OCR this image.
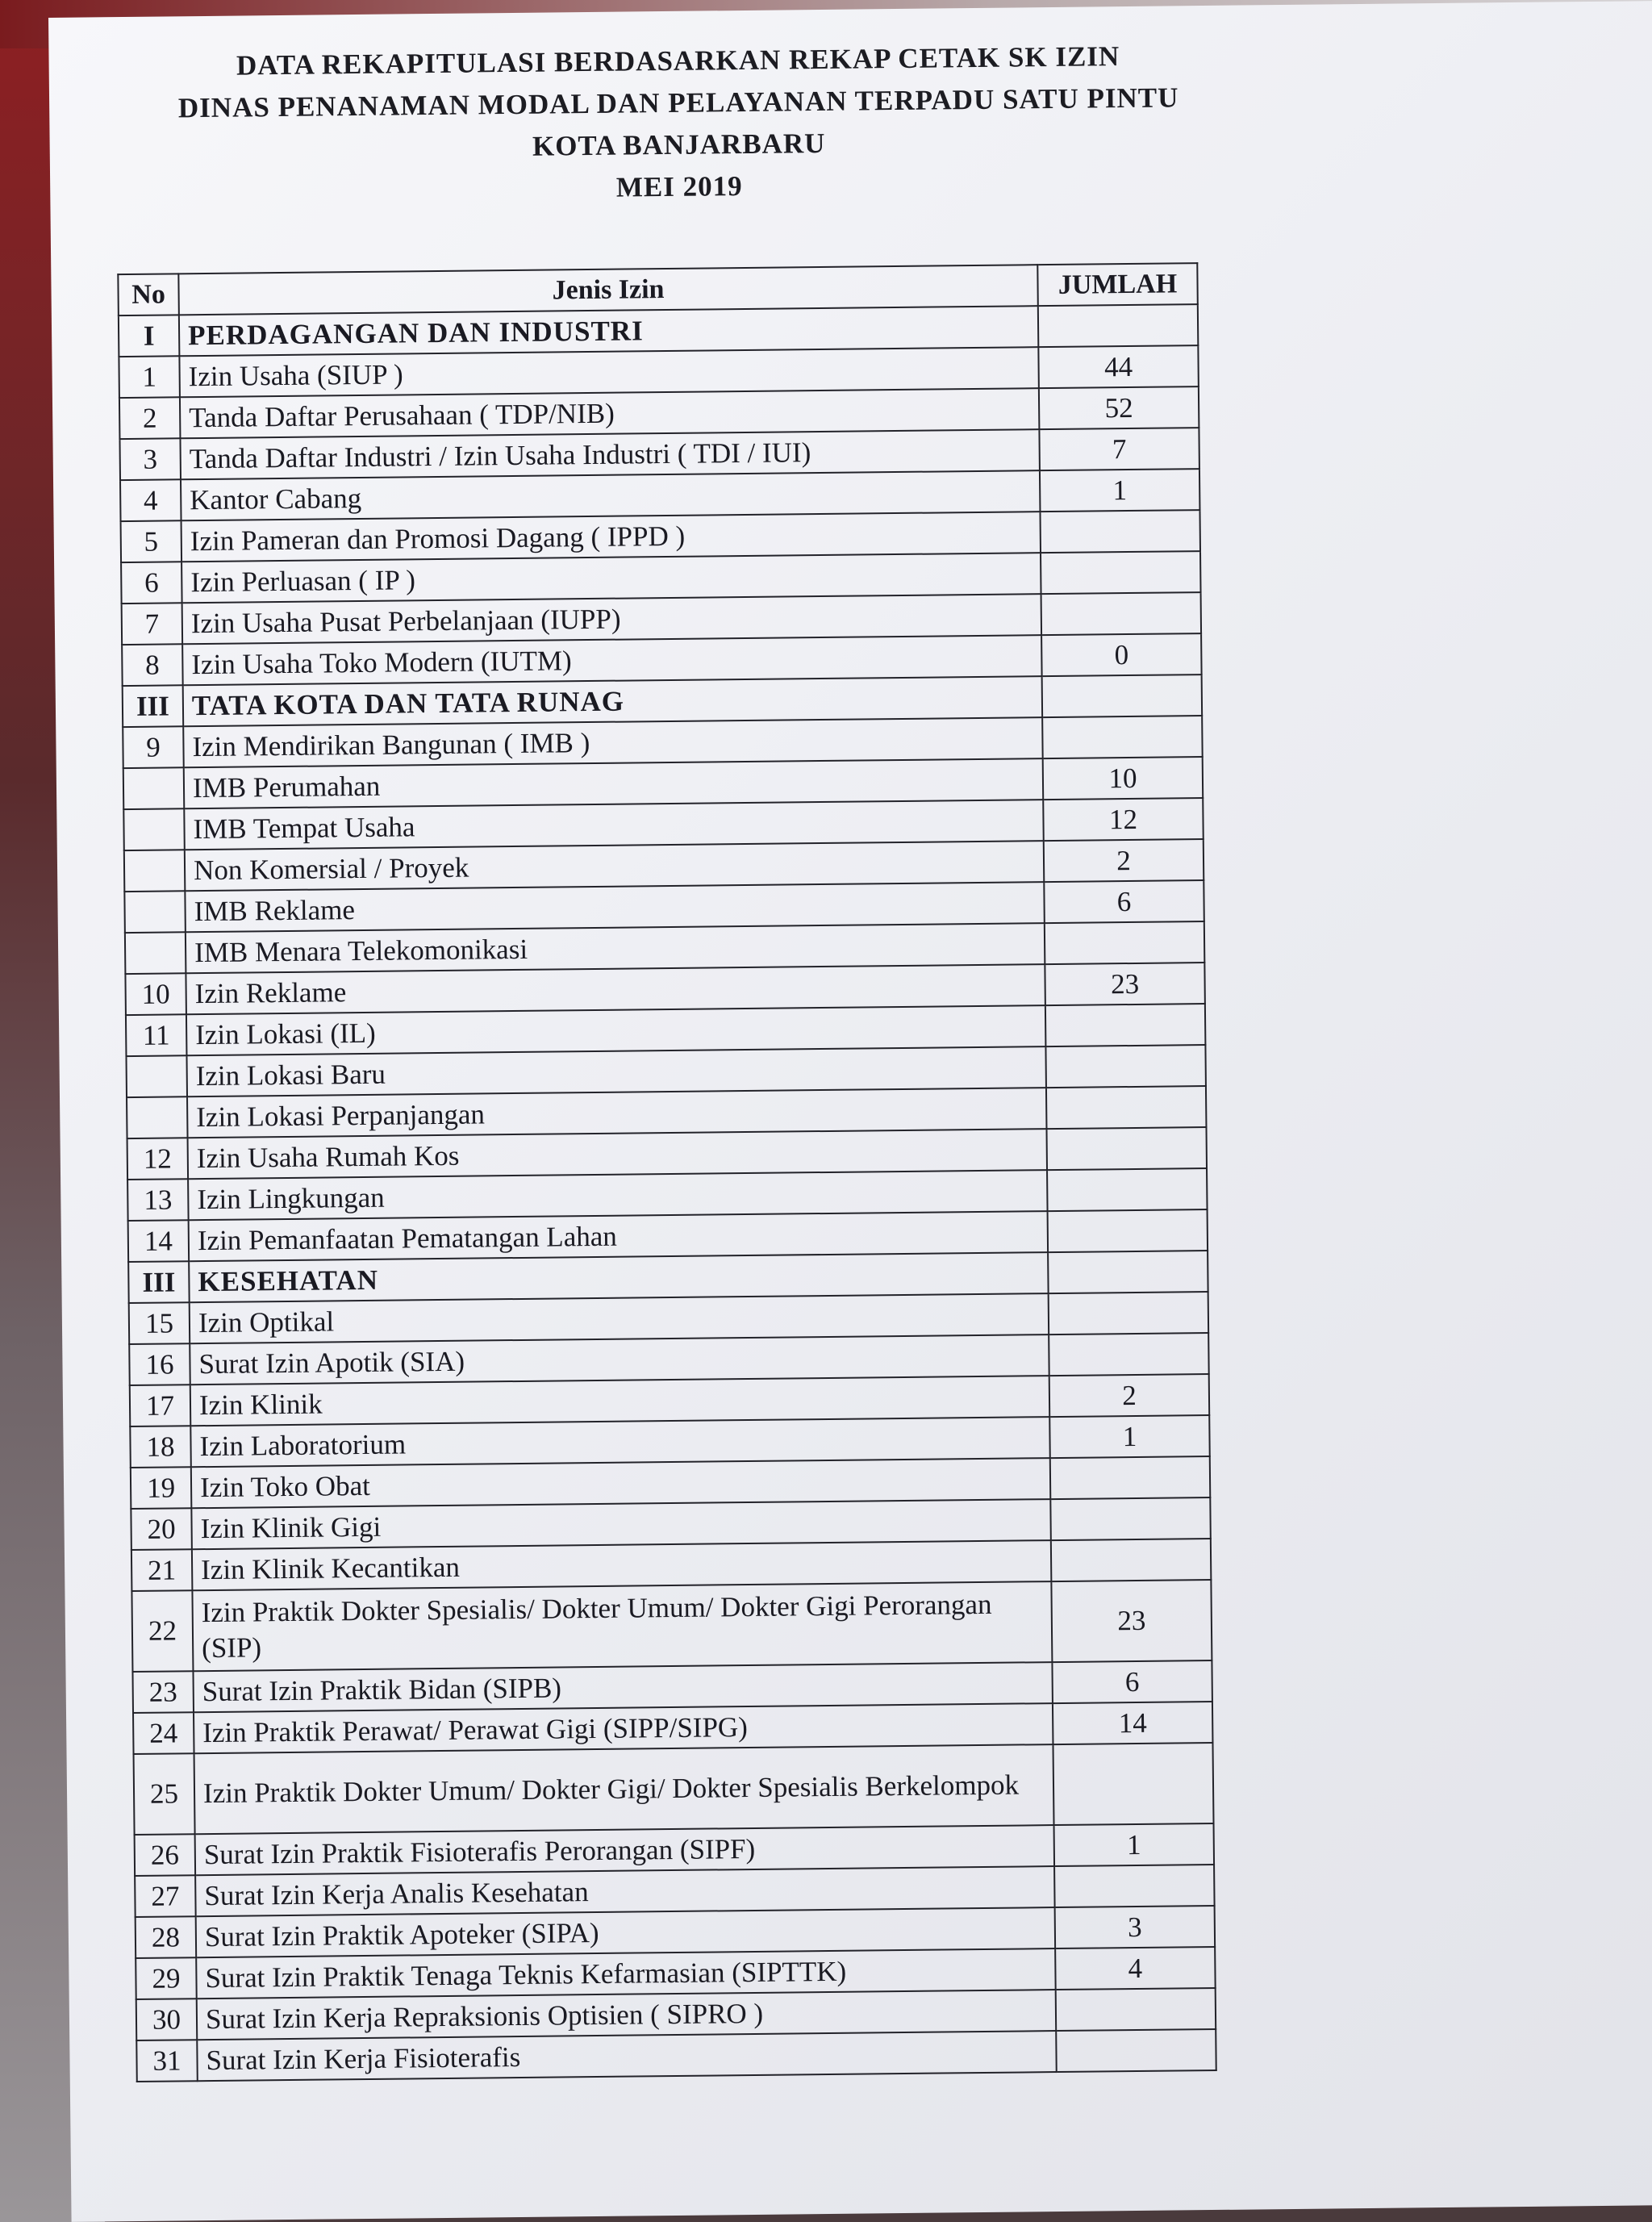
DATA REKAPITULASI BERDASARKAN REKAP CETAK SK IZIN
DINAS PENANAMAN MODAL DAN PELAYANAN TERPADU SATU PINTU
KOTA BANJARBARU
MEI 2019
No	Jenis Izin	JUMLAH
I	PERDAGANGAN DAN INDUSTRI	
1	Izin Usaha (SIUP )	44
2	Tanda Daftar Perusahaan ( TDP/NIB)	52
3	Tanda Daftar Industri / Izin Usaha Industri ( TDI / IUI)	7
4	Kantor Cabang	1
5	Izin Pameran dan Promosi Dagang ( IPPD )	
6	Izin Perluasan ( IP )	
7	Izin Usaha Pusat Perbelanjaan (IUPP)	
8	Izin Usaha Toko Modern (IUTM)	0
III	TATA KOTA DAN TATA RUNAG	
9	Izin Mendirikan Bangunan ( IMB )	
	IMB Perumahan	10
	IMB Tempat Usaha	12
	Non Komersial / Proyek	2
	IMB Reklame	6
	IMB Menara Telekomonikasi	
10	Izin Reklame	23
11	Izin Lokasi (IL)	
	Izin Lokasi Baru	
	Izin Lokasi Perpanjangan	
12	Izin Usaha Rumah Kos	
13	Izin Lingkungan	
14	Izin Pemanfaatan Pematangan Lahan	
III	KESEHATAN	
15	Izin Optikal	
16	Surat Izin Apotik (SIA)	
17	Izin Klinik	2
18	Izin Laboratorium	1
19	Izin Toko Obat	
20	Izin Klinik Gigi	
21	Izin Klinik Kecantikan	
22	Izin Praktik Dokter Spesialis/ Dokter Umum/ Dokter Gigi Perorangan (SIP)	23
23	Surat Izin Praktik Bidan (SIPB)	6
24	Izin Praktik Perawat/ Perawat Gigi (SIPP/SIPG)	14
25	Izin Praktik Dokter Umum/ Dokter Gigi/ Dokter Spesialis Berkelompok	

26	Surat Izin Praktik Fisioterafis Perorangan (SIPF)	1
27	Surat Izin Kerja Analis Kesehatan	
28	Surat Izin Praktik Apoteker (SIPA)	3
29	Surat Izin Praktik Tenaga Teknis Kefarmasian (SIPTTK)	4
30	Surat Izin Kerja Repraksionis Optisien ( SIPRO )	
31	Surat Izin Kerja Fisioterafis	
